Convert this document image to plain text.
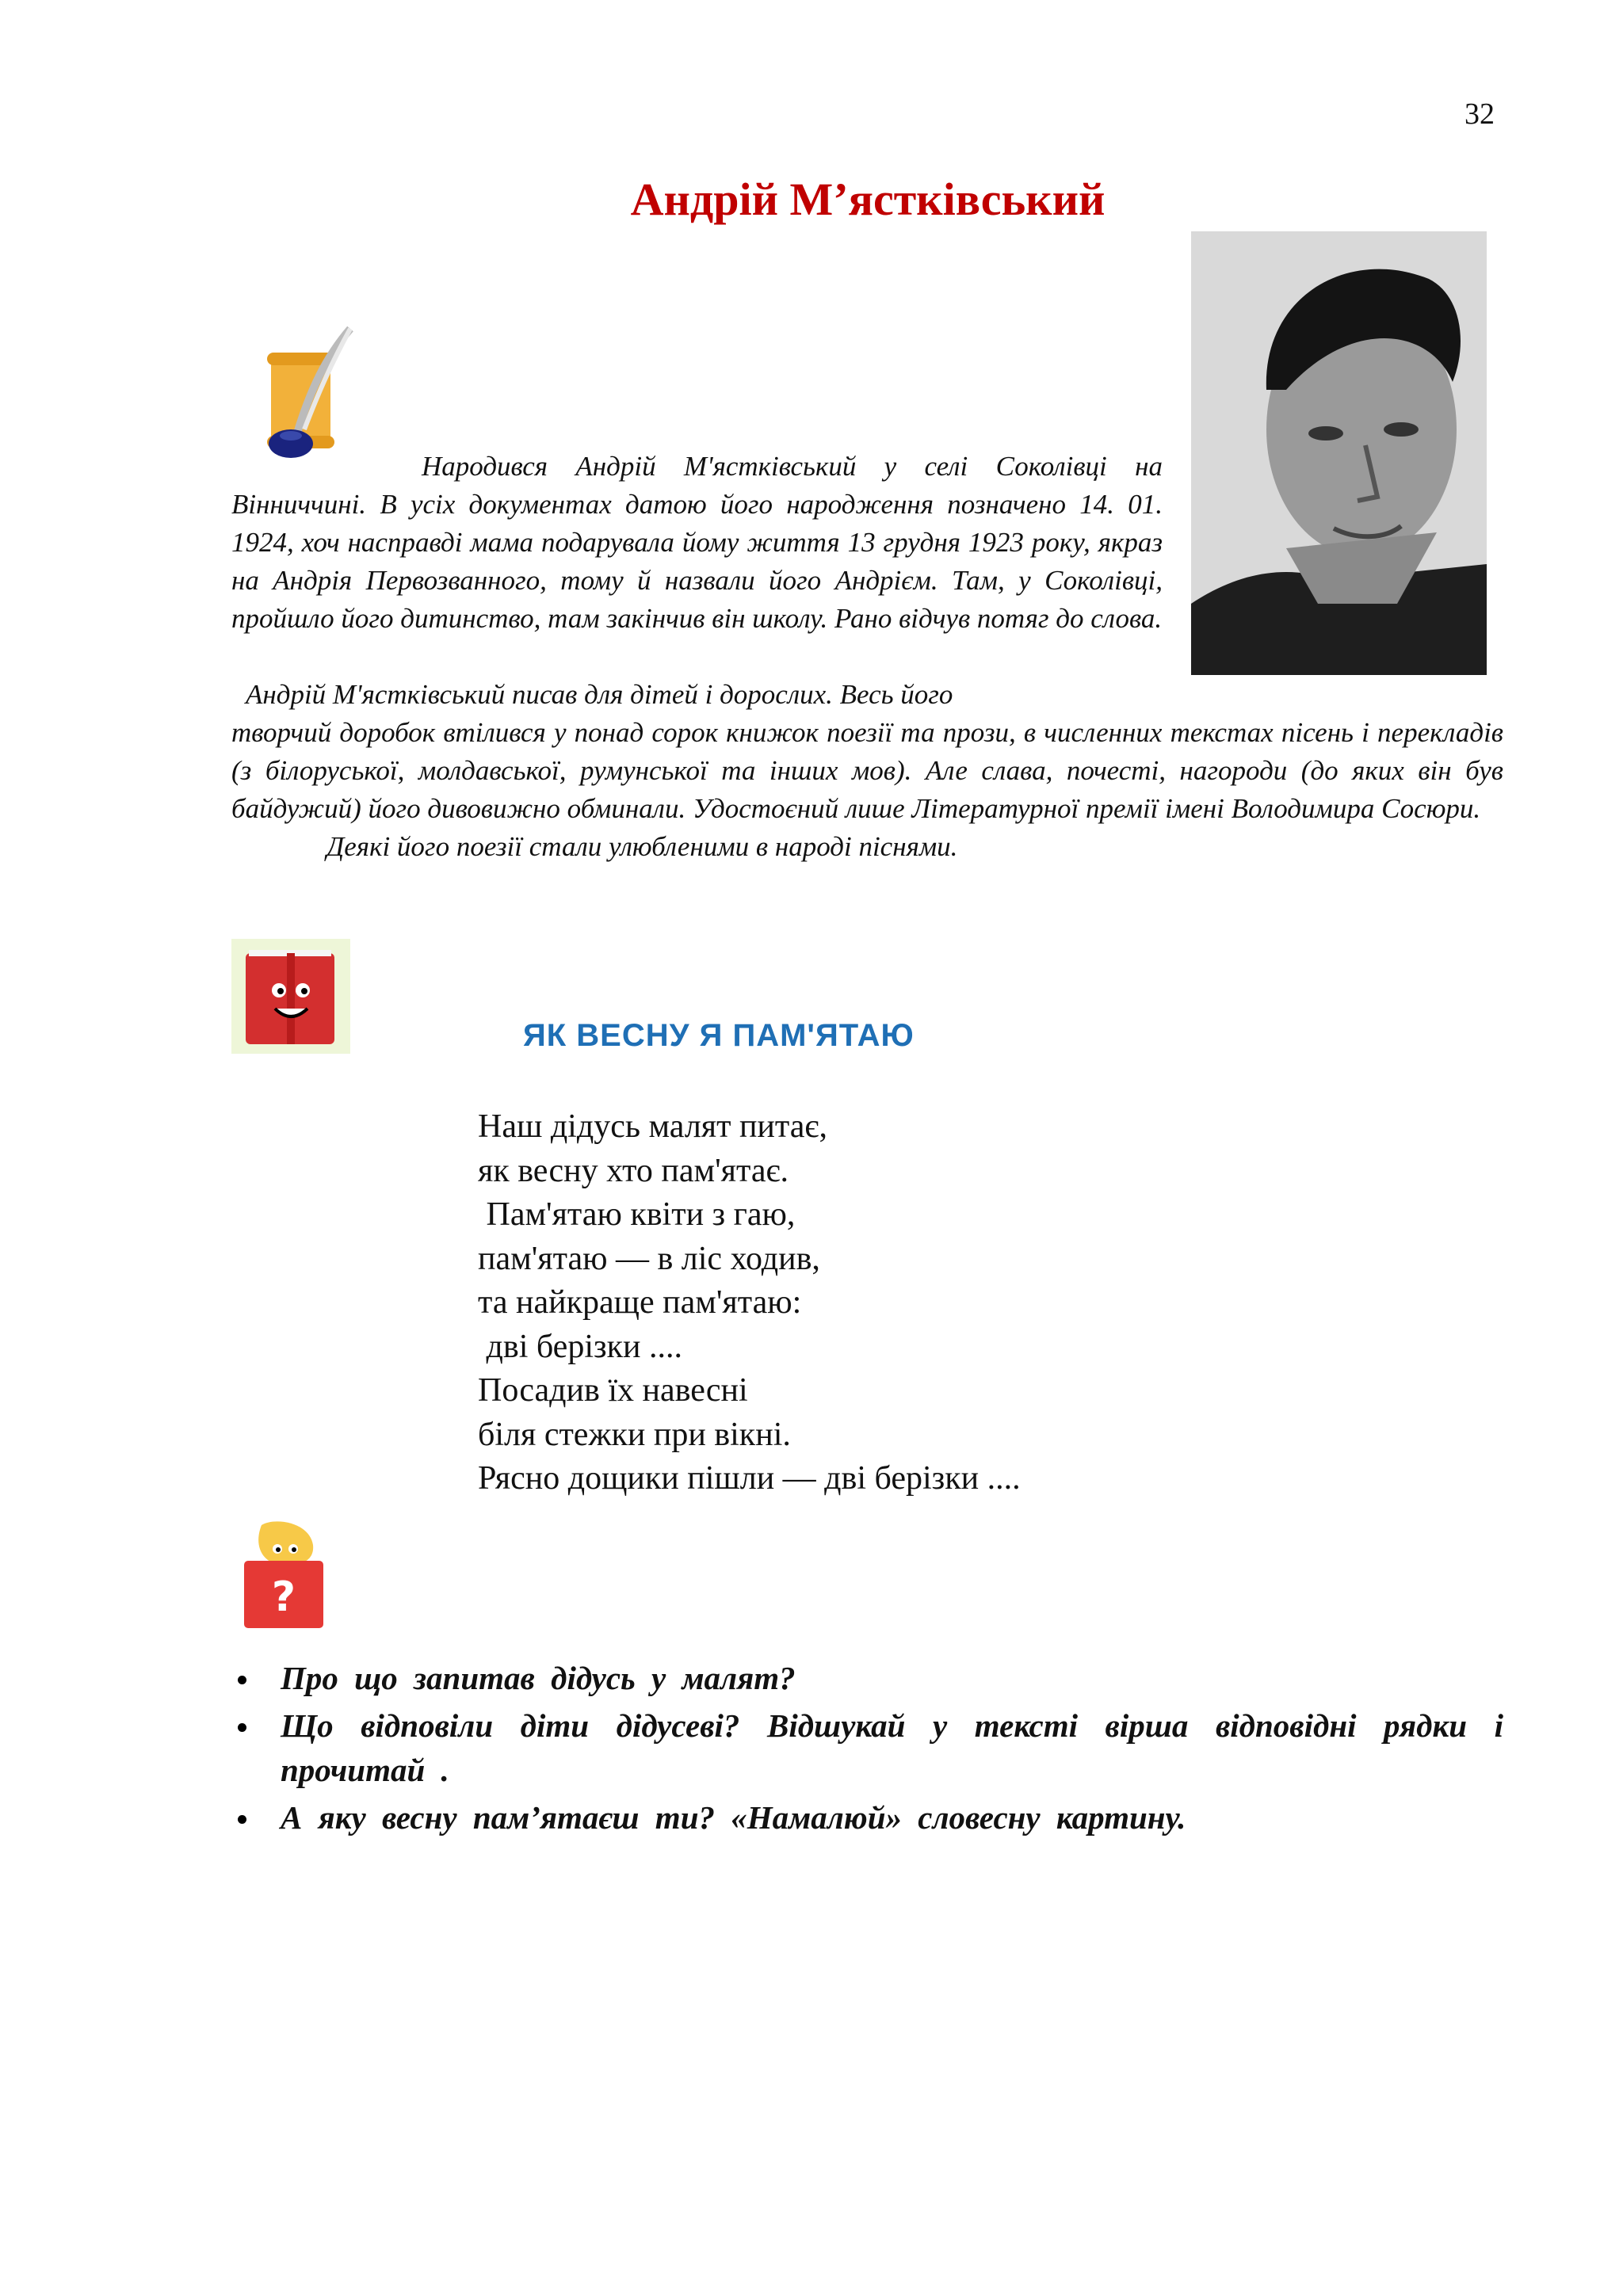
32
Андрій М’ястківський

Народився Андрій М'ястківський у селі Соколівці на Вінниччині. В усіх документах датою його народження позначено 14. 01. 1924, хоч насправді мама подарувала йому життя 13 грудня 1923 року, якраз на Андрія Первозванного, тому й назвали його Андрієм. Там, у Соколівці, пройшло його дитинство, там закінчив він школу. Рано відчув потяг до слова.

Андрій М'ястківський писав для дітей і дорослих. Весь його

творчий доробок втілився у понад сорок книжок поезії та прози, в численних текстах пісень і перекладів (з білоруської, молдавської, румунської та інших мов). Але слава, почесті, нагороди (до яких він був байдужий) його дивовижно обминали. Удостоєний лише Літературної премії імені Володимира Сосюри.

Деякі його поезії стали улюбленими в народі піснями.

ЯК ВЕСНУ Я ПАМ'ЯТАЮ
Наш дідусь малят питає,
як весну хто пам'ятає.
Пам'ятаю квіти з гаю,
пам'ятаю — в ліс ходив,
та найкраще пам'ятаю:
дві берізки ....
Посадив їх навесні
біля стежки при вікні.
Рясно дощики пішли — дві берізки ....
?
Про що запитав дідусь у малят?
Що відповіли діти дідусеві? Відшукай у тексті вірша відповідні рядки і прочитай .
А яку весну пам’ятаєш ти? «Намалюй» словесну картину.
